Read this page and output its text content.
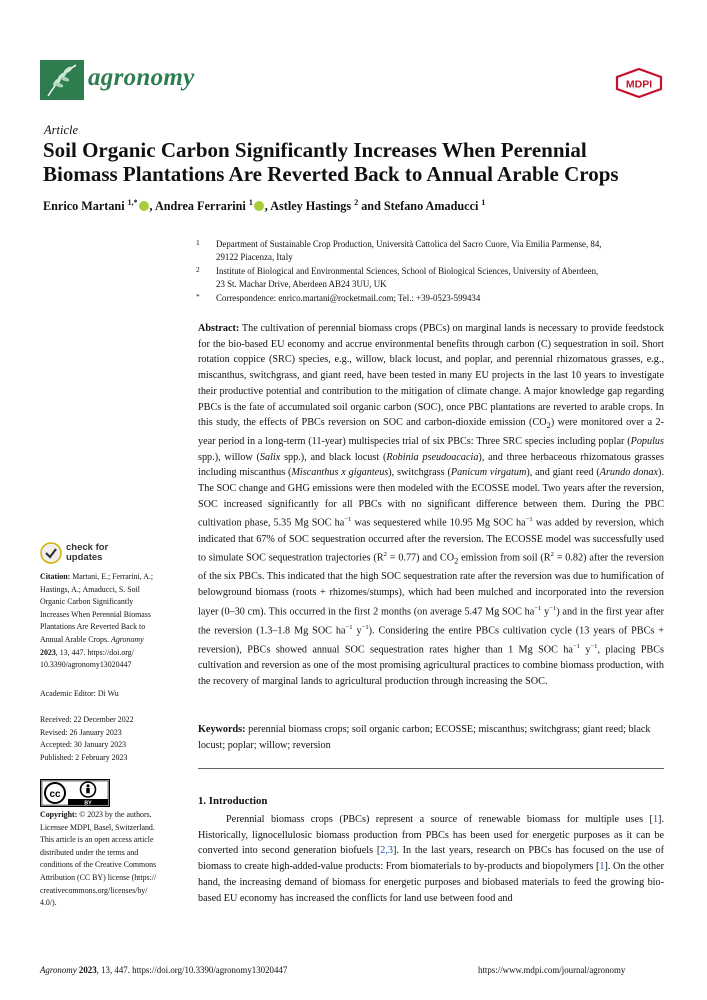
agronomy	MDPI
Article
Soil Organic Carbon Significantly Increases When Perennial
Biomass Plantations Are Reverted Back to Annual Arable Crops
Enrico Martani $^{1,*}$ , Andrea Ferrarini $^1$ , Astley Hastings $^2$ and Stefano Amaducci $^1$
1 Department of Sustainable Crop Production, Università Cattolica del Sacro Cuore, Via Emilia Parmense, 84,
29122 Piacenza, Italy
2 Institute of Biological and Environmental Sciences, School of Biological Sciences, University of Aberdeen,
23 St. Machar Drive, Aberdeen AB24 3UU, UK
* Correspondence: enrico.martani@rocketmail.com; Tel.: +39-0523-599434
Abstract: The cultivation of perennial biomass crops (PBCs) on marginal lands is necessary to provide feedstock for the bio-based EU economy and accrue environmental benefits through carbon (C) sequestration in soil. Short rotation coppice (SRC) species, e.g., willow, black locust, and poplar, and perennial rhizomatous grasses, e.g., miscanthus, switchgrass, and giant reed, have been tested in many EU projects in the last 10 years to investigate their productive potential and contribution to the mitigation of climate change. A major knowledge gap regarding PBCs is the fate of accumulated soil organic carbon (SOC), once PBC plantations are reverted to arable crops. In this study, the effects of PBCs reversion on SOC and carbon-dioxide emission $(CO_2)$ were monitored over a 2-year period in a long-term (11-year) multispecies trial of six PBCs: Three SRC species including poplar (Populus spp.), willow (Salix spp.), and black locust (Robinia pseudoacacia), and three herbaceous rhizomatous grasses including miscanthus (Miscanthus x giganteus), switchgrass (Panicum virgatum), and giant reed (Arundo donax). The SOC change and GHG emissions were then modeled with the ECOSSE model. Two years after the reversion, SOC increased significantly for all PBCs with no significant difference between them. During the PBC cultivation phase, 5.35 Mg SOC $ha^{-1}$ was sequestered while 10.95 Mg SOC $ha^{-1}$ was added by reversion, which indicated that 67% of SOC sequestration occurred after the reversion. The ECOSSE model was successfully used to simulate SOC sequestration trajectories $(R^2 = 0.77)$ and $CO_2$ emission from soil $(R^2 = 0.82)$ after the reversion of the six PBCs. This indicated that the high SOC sequestration rate after the reversion was due to humification of belowground biomass (roots + rhizomes/stumps), which had been mulched and incorporated into the reversion layer (0–30 cm). This occurred in the first 2 months (on average 5.47 Mg SOC $ha^{-1}$ $y^{-1}$) and in the first year after the reversion (1.3–1.8 Mg SOC $ha^{-1}$ $y^{-1}$). Considering the entire PBCs cultivation cycle (13 years of PBCs + reversion), PBCs showed annual SOC sequestration rates higher than 1 Mg SOC $ha^{-1}$ $y^{-1}$, placing PBCs cultivation and reversion as one of the most promising agricultural practices to combine biomass production, with the recovery of marginal lands to agricultural production through increasing the SOC.
Keywords: perennial biomass crops; soil organic carbon; ECOSSE; miscanthus; switchgrass; giant reed; black locust; poplar; willow; reversion
1. Introduction
Perennial biomass crops (PBCs) represent a source of renewable biomass for multiple uses [1]. Historically, lignocellulosic biomass production from PBCs has been used for energetic purposes as it can be converted into second generation biofuels [2,3]. In the last years, research on PBCs has focused on the use of biomass to create high-added-value products: From biomaterials to by-products and biopolymers [1]. On the other hand, the increasing demand of biomass for energetic purposes and biobased materials to feed the growing bio-based EU economy has increased the conflicts for land use between food and
check for
updates
Citation: Martani, E.; Ferrarini, A.;
Hastings, A.; Amaducci, S. Soil
Organic Carbon Significantly
Increases When Perennial Biomass
Plantations Are Reverted Back to
Annual Arable Crops. Agronomy
2023, 13, 447. https://doi.org/
10.3390/agronomy13020447
Academic Editor: Di Wu
Received: 22 December 2022
Revised: 26 January 2023
Accepted: 30 January 2023
Published: 2 February 2023
cc
BY
Copyright: © 2023 by the authors.
Licensee MDPI, Basel, Switzerland.
This article is an open access article
distributed under the terms and
conditions of the Creative Commons
Attribution (CC BY) license (https://
creativecommons.org/licenses/by/
4.0/).
Agronomy 2023, 13, 447. https://doi.org/10.3390/agronomy13020447	https://www.mdpi.com/journal/agronomy
